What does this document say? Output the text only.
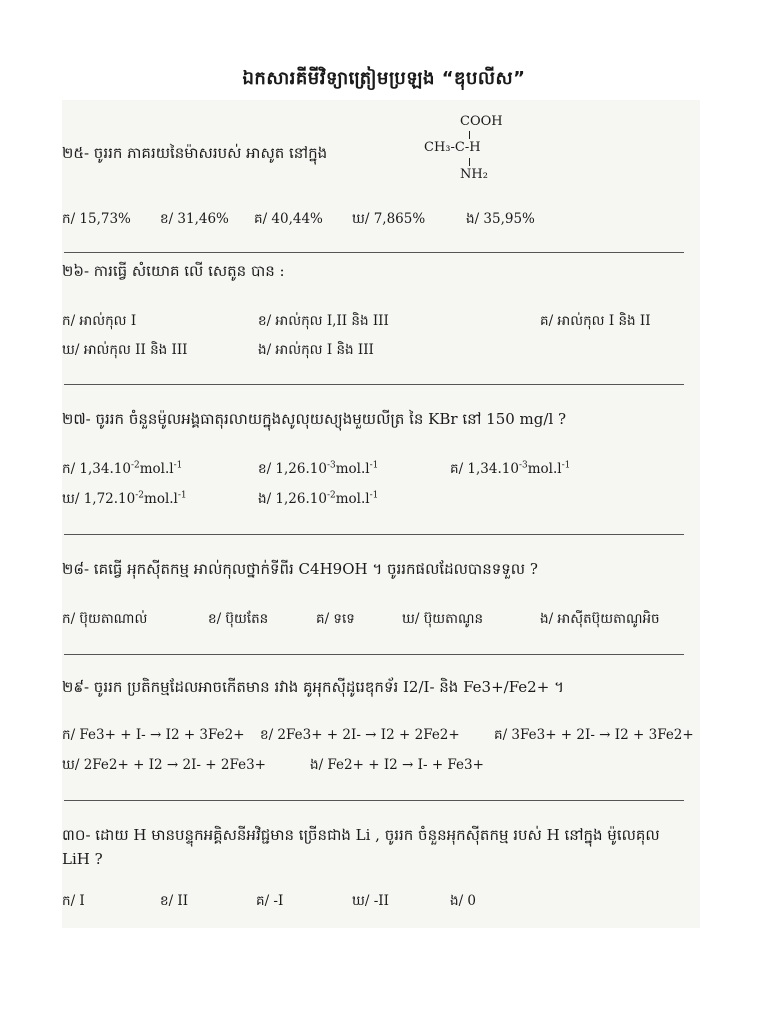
ឯកសារគីមីវិទ្យាត្រៀមប្រឡង “ឌុបលីស”
២៥- ចូររក ភាគរយនៃម៉ាសរបស់ អាសូត នៅក្នុង
COOH
CH₃-C-H
NH₂
ក/ 15,73% ខ/ 31,46% គ/ 40,44% ឃ/ 7,865%	ង/ 35,95%
២៦- ការធ្វើ សំយោគ លើ សេតូន បាន :
ក/ អាល់កុល I	ខ/ អាល់កុល I,II និង III	គ/ អាល់កុល I និង II
ឃ/ អាល់កុល II និង III	ង/ អាល់កុល I និង III
២៧- ចូររក ចំនួនម៉ូលអង្គធាតុរលាយក្នុងសូលុយស្យុងមួយលីត្រ នៃ KBr នៅ 150 mg/l ?
ក/ $1,34.10^{-2}mol.l^{-1}$	ខ/ $1,26.10^{-3}mol.l^{-1}$	គ/ $1,34.10^{-3}mol.l^{-1}$
ឃ/ $1,72.10^{-2}mol.l^{-1}$	ង/ $1,26.10^{-2}mol.l^{-1}$
២៨- គេធ្វើ អុកស៊ីតកម្ម អាល់កុលថ្នាក់ទីពីរ C4H9OH ។ ចូររកផលដែលបានទទួល ?
ក/ ប៊ុយតាណាល់	ខ/ ប៊ុយតែន	គ/ ទទេ	ឃ/ ប៊ុយតាណូន	ង/ អាស៊ីតប៊ុយតាណូអិច
២៩- ចូររក ប្រតិកម្មដែលអាចកើតមាន រវាង គូអុកស៊ីដូរេឌុកទ័រ I2/I- និង Fe3+/Fe2+ ។
ក/ Fe3+ + I- → I2 + 3Fe2+ ខ/ 2Fe3+ + 2I- → I2 + 2Fe2+	គ/ 3Fe3+ + 2I- → I2 + 3Fe2+
ឃ/ 2Fe2+ + I2 → 2I- + 2Fe3+	ង/ Fe2+ + I2 → I- + Fe3+
៣០- ដោយ H មានបន្ទុកអគ្គិសនីអវិជ្ជមាន ច្រើនជាង Li , ចូររក ចំនួនអុកស៊ីតកម្ម របស់ H នៅក្នុង ម៉ូលេគុល
LiH ?
ក/ I	ខ/ II	គ/ -I	ឃ/ -II	ង/ 0
